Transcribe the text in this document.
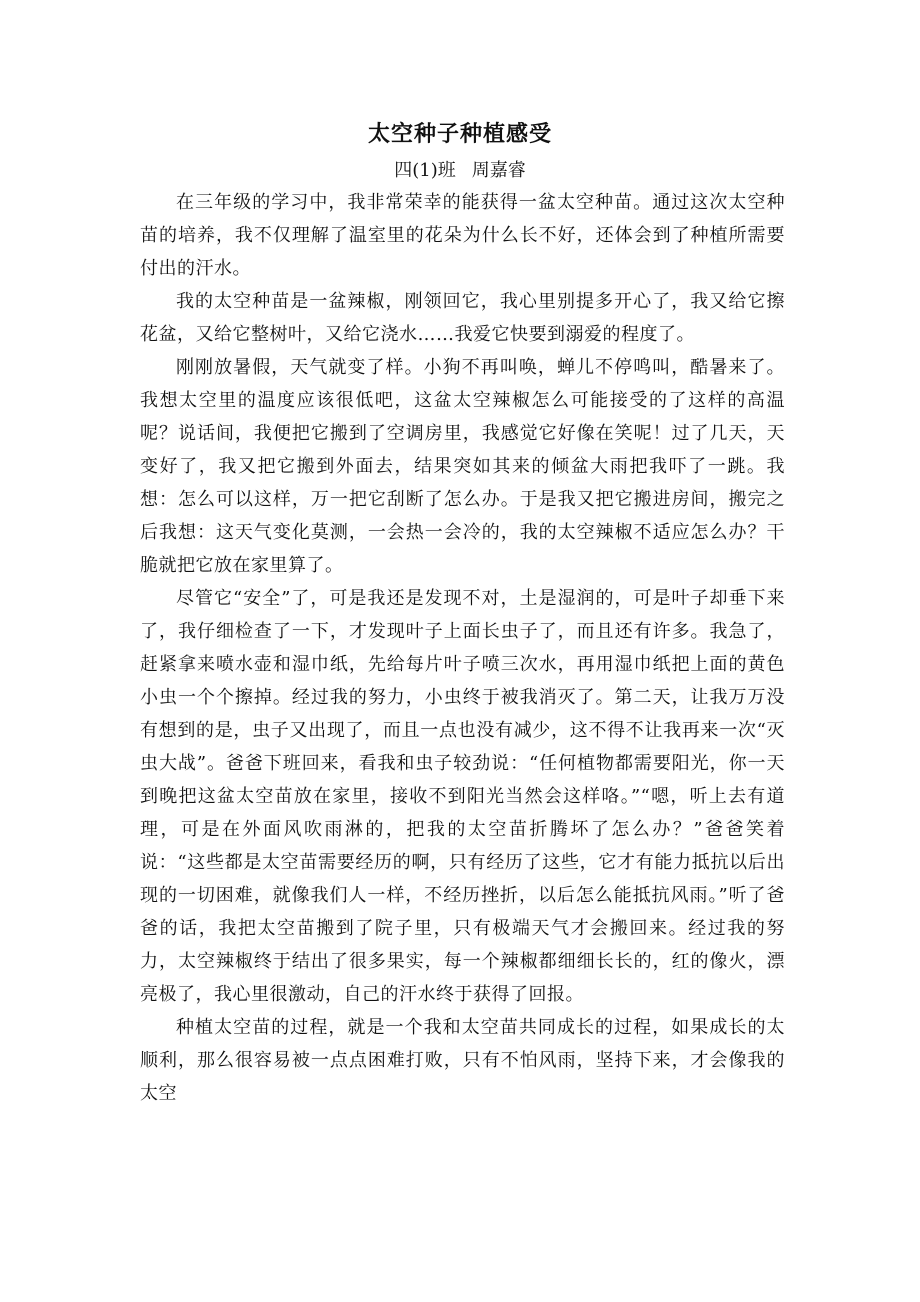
太空种子种植感受

四(1)班 周嘉睿

在三年级的学习中，我非常荣幸的能获得一盆太空种苗。通过这次太空种苗的培养，我不仅理解了温室里的花朵为什么长不好，还体会到了种植所需要付出的汗水。

我的太空种苗是一盆辣椒，刚领回它，我心里别提多开心了，我又给它擦花盆，又给它整树叶，又给它浇水……我爱它快要到溺爱的程度了。

刚刚放暑假，天气就变了样。小狗不再叫唤，蝉儿不停鸣叫，酷暑来了。我想太空里的温度应该很低吧，这盆太空辣椒怎么可能接受的了这样的高温呢？说话间，我便把它搬到了空调房里，我感觉它好像在笑呢！过了几天，天变好了，我又把它搬到外面去，结果突如其来的倾盆大雨把我吓了一跳。我想：怎么可以这样，万一把它刮断了怎么办。于是我又把它搬进房间，搬完之后我想：这天气变化莫测，一会热一会冷的，我的太空辣椒不适应怎么办？干脆就把它放在家里算了。

尽管它“安全”了，可是我还是发现不对，土是湿润的，可是叶子却垂下来了，我仔细检查了一下，才发现叶子上面长虫子了，而且还有许多。我急了，赶紧拿来喷水壶和湿巾纸，先给每片叶子喷三次水，再用湿巾纸把上面的黄色小虫一个个擦掉。经过我的努力，小虫终于被我消灭了。第二天，让我万万没有想到的是，虫子又出现了，而且一点也没有减少，这不得不让我再来一次“灭虫大战”。爸爸下班回来，看我和虫子较劲说：“任何植物都需要阳光，你一天到晚把这盆太空苗放在家里，接收不到阳光当然会这样咯。”“嗯，听上去有道理，可是在外面风吹雨淋的，把我的太空苗折腾坏了怎么办？”爸爸笑着说：“这些都是太空苗需要经历的啊，只有经历了这些，它才有能力抵抗以后出现的一切困难，就像我们人一样，不经历挫折，以后怎么能抵抗风雨。”听了爸爸的话，我把太空苗搬到了院子里，只有极端天气才会搬回来。经过我的努力，太空辣椒终于结出了很多果实，每一个辣椒都细细长长的，红的像火，漂亮极了，我心里很激动，自己的汗水终于获得了回报。

种植太空苗的过程，就是一个我和太空苗共同成长的过程，如果成长的太顺利，那么很容易被一点点困难打败，只有不怕风雨，坚持下来，才会像我的太空
